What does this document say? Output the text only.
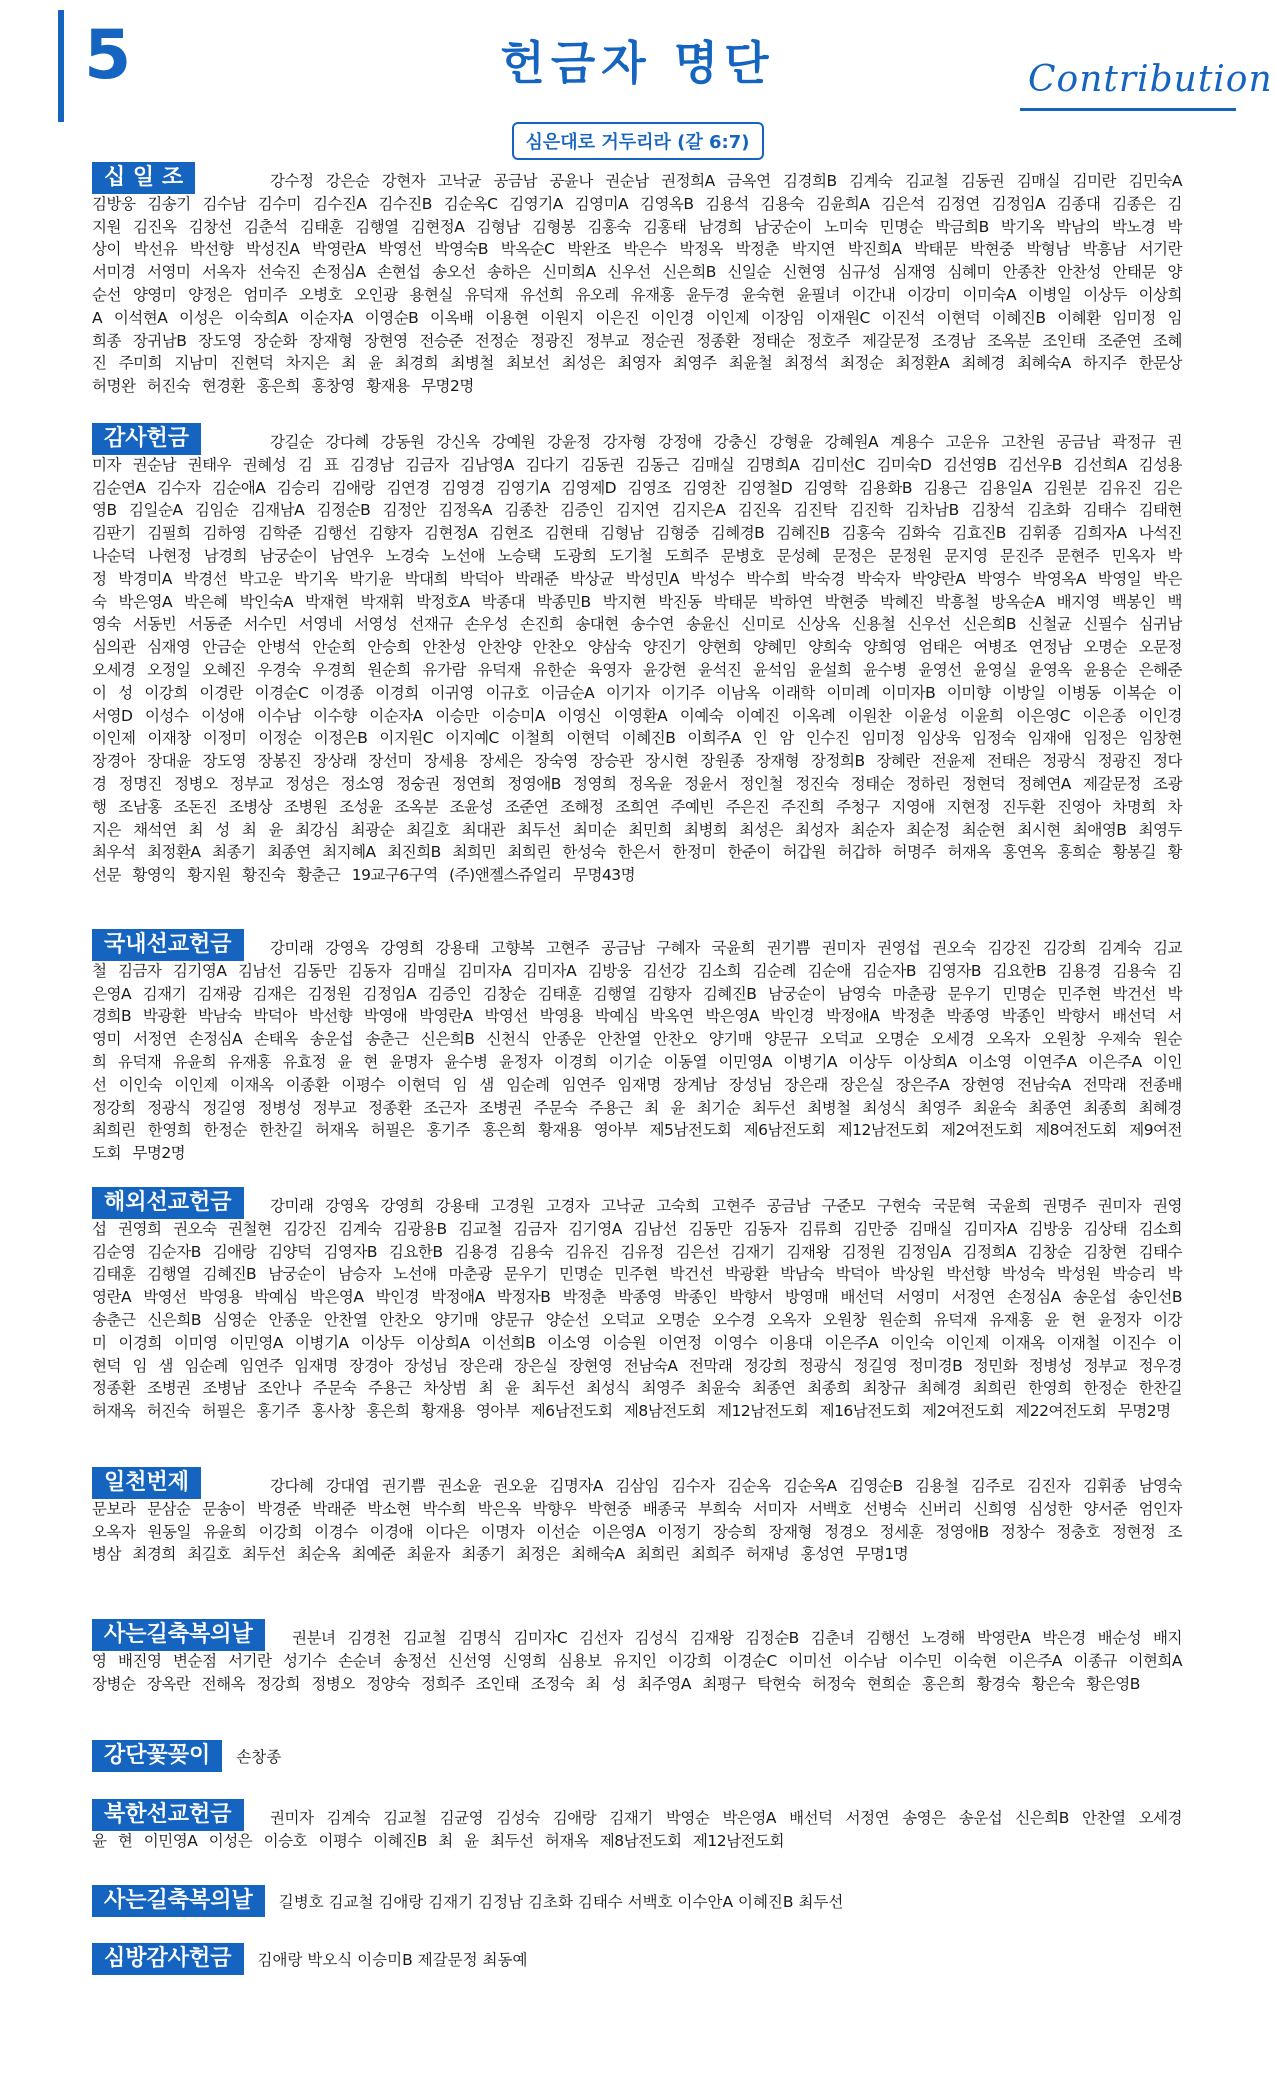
5	헌금자 명단	Contribution
심은대로 거두리라 (갈 6:7)
십 일 조	강수정 강은순 강현자 고낙균 공금남 공윤나 권순남 권정희A 금옥연 김경희B 김계숙 김교철 김동권 김매실 김미란 김민숙A 김방웅 김송기 김수남 김수미 김수진A 김수진B 김순옥C 김영기A 김영미A 김영옥B 김용석 김용숙 김윤희A 김은석 김정연 김정임A 김종대 김종은 김지원 김진옥 김창선 김춘석 김태훈 김행열 김현정A 김형남 김형봉 김홍숙 김홍태 남경희 남궁순이 노미숙 민명순 박금희B 박기옥 박남의 박노경 박상이 박선유 박선향 박성진A 박영란A 박영선 박영숙B 박옥순C 박완조 박은수 박정옥 박정춘 박지연 박진희A 박태문 박현중 박형남 박흥남 서기란 서미경 서영미 서옥자 선숙진 손정심A 손현섭 송오선 송하은 신미희A 신우선 신은희B 신일순 신현영 심규성 심재영 심혜미 안종찬 안찬성 안태문 양순선 양영미 양정은 엄미주 오병호 오인광 용현실 유덕재 유선희 유오레 유재홍 윤두경 윤숙현 윤필녀 이간내 이강미 이미숙A 이병일 이상두 이상희A 이석현A 이성은 이숙희A 이순자A 이영순B 이옥배 이용현 이원지 이은진 이인경 이인제 이장임 이재원C 이진석 이현덕 이혜진B 이혜환 임미정 임희종 장귀남B 장도영 장순화 장재형 장현영 전승준 전정순 정광진 정부교 정순권 정종환 정태순 정호주 제갈문정 조경남 조옥분 조인태 조준연 조혜진 주미희 지남미 진현덕 차지은 최 윤 최경희 최병철 최보선 최성은 최영자 최영주 최윤철 최정석 최정순 최정환A 최혜경 최혜숙A 하지주 한문상 허명완 허진숙 현경환 홍은희 홍창영 황재용 무명2명
감사헌금	강길순 강다혜 강동원 강신옥 강예원 강윤정 강자형 강정애 강충신 강형윤 강혜원A 계용수 고운유 고찬원 공금남 곽정규 권미자 권순남 권태우 권혜성 김 표 김경남 김금자 김남영A 김다기 김동권 김동근 김매실 김명희A 김미선C 김미숙D 김선영B 김선우B 김선희A 김성용 김순연A 김수자 김순애A 김승리 김애랑 김연경 김영경 김영기A 김영제D 김영조 김영찬 김영철D 김영학 김용화B 김용근 김용일A 김원분 김유진 김은영B 김일순A 김임순 김재남A 김정순B 김정안 김정옥A 김종찬 김증인 김지연 김지은A 김진옥 김진탁 김진학 김차남B 김창석 김초화 김태수 김태현 김판기 김필희 김하영 김학준 김행선 김향자 김현정A 김현조 김현태 김형남 김형중 김혜경B 김혜진B 김홍숙 김화숙 김효진B 김휘종 김희자A 나석진 나순덕 나현정 남경희 남궁순이 남연우 노경숙 노선애 노승택 도광희 도기철 도희주 문병호 문성혜 문정은 문정원 문지영 문진주 문현주 민옥자 박 정 박경미A 박경선 박고운 박기옥 박기윤 박대희 박덕아 박래준 박상균 박성민A 박성수 박수희 박숙경 박숙자 박양란A 박영수 박영옥A 박영일 박은숙 박은영A 박은혜 박인숙A 박재현 박재휘 박정호A 박종대 박종민B 박지현 박진동 박태문 박하연 박현중 박혜진 박흥철 방옥순A 배지영 백봉인 백영숙 서동빈 서동준 서수민 서영네 서영성 선재규 손우성 손진희 송대현 송수연 송윤신 신미로 신상옥 신용철 신우선 신은희B 신철균 신필수 심귀남 심의관 심재영 안금순 안병석 안순희 안승희 안찬성 안찬양 안찬오 양삼숙 양진기 양현희 양혜민 양희숙 양희영 엄태은 여병조 연정남 오명순 오문정 오세경 오정일 오혜진 우경숙 우경희 원순희 유가람 유덕재 유한순 육영자 윤강현 윤석진 윤석임 윤설희 윤수병 윤영선 윤영실 윤영옥 윤용순 은해준 이 성 이강희 이경란 이경순C 이경종 이경희 이귀영 이규호 이금순A 이기자 이기주 이남옥 이래학 이미례 이미자B 이미향 이방일 이병동 이복순 이서영D 이성수 이성애 이수남 이수향 이순자A 이승만 이승미A 이영신 이영환A 이예숙 이예진 이옥례 이원찬 이윤성 이윤희 이은영C 이은종 이인경 이인제 이재창 이정미 이정순 이정은B 이지원C 이지예C 이철희 이현덕 이혜진B 이희주A 인 암 인수진 임미정 임상욱 임정숙 임재애 임정은 임창현 장경아 장대윤 장도영 장봉진 장상래 장선미 장세용 장세은 장숙영 장승관 장시현 장원종 장재형 장정희B 장혜란 전윤제 전태은 정광식 정광진 정다경 정명진 정병오 정부교 정성은 정소영 정숭권 정연희 정영애B 정영희 정옥윤 정윤서 정인철 정진숙 정태순 정하린 정현덕 정혜연A 제갈문정 조광행 조남홍 조돈진 조병상 조병원 조성윤 조옥분 조윤성 조준연 조해정 조희연 주예빈 주은진 주진희 주청구 지영애 지현정 진두환 진영아 차명희 차지은 채석연 최 성 최 윤 최강심 최광순 최길호 최대관 최두선 최미순 최민희 최병희 최성은 최성자 최순자 최순정 최순현 최시현 최애영B 최영두 최우석 최정환A 최종기 최종연 최지혜A 최진희B 최희민 최희린 한성숙 한은서 한정미 한준이 허갑원 허갑하 허명주 허재옥 홍연옥 홍희순 황봉길 황선문 황영익 황지원 황진숙 황춘근 19교구6구역 (주)앤젤스쥬얼리 무명43명
국내선교헌금	강미래 강영옥 강영희 강용태 고향복 고현주 공금남 구혜자 국윤희 권기쁨 권미자 권영섭 권오숙 김강진 김강희 김계숙 김교철 김금자 김기영A 김남선 김동만 김동자 김매실 김미자A 김미자A 김방웅 김선강 김소희 김순례 김순애 김순자B 김영자B 김요한B 김용경 김용숙 김은영A 김재기 김재광 김재은 김정원 김정임A 김증인 김창순 김태훈 김행열 김향자 김혜진B 남궁순이 남영숙 마춘광 문우기 민명순 민주현 박건선 박경희B 박광환 박남숙 박덕아 박선향 박영애 박영란A 박영선 박영용 박예심 박옥연 박은영A 박인경 박정애A 박정춘 박종영 박종인 박향서 배선덕 서영미 서정연 손정심A 손태옥 송운섭 송춘근 신은희B 신천식 안종운 안찬열 안찬오 양기매 양문규 오덕교 오명순 오세경 오옥자 오원창 우제숙 원순희 유덕재 유윤희 유재홍 유효정 윤 현 윤명자 윤수병 윤정자 이경희 이기순 이동열 이민영A 이병기A 이상두 이상희A 이소영 이연주A 이은주A 이인선 이인숙 이인제 이재옥 이종환 이평수 이현덕 임 샘 임순례 임연주 임재명 장계남 장성님 장은래 장은실 장은주A 장현영 전남숙A 전막래 전종배 정강희 정광식 정길영 정병성 정부교 정종환 조근자 조병권 주문숙 주용근 최 윤 최기순 최두선 최병철 최성식 최영주 최윤숙 최종연 최종희 최혜경 최희린 한영희 한정순 한찬길 허재옥 허필은 홍기주 홍은희 황재용 영아부 제5남전도회 제6남전도회 제12남전도회 제2여전도회 제8여전도회 제9여전도회 무명2명
해외선교헌금	강미래 강영옥 강영희 강용태 고경원 고경자 고낙균 고숙희 고현주 공금남 구준모 구현숙 국문혁 국윤희 권명주 권미자 권영섭 권영희 권오숙 권철현 김강진 김계숙 김광용B 김교철 김금자 김기영A 김남선 김동만 김동자 김류희 김만중 김매실 김미자A 김방웅 김상태 김소희 김순영 김순자B 김애랑 김양덕 김영자B 김요한B 김용경 김용숙 김유진 김유정 김은선 김재기 김재왕 김정원 김정임A 김정희A 김창순 김창현 김태수 김태훈 김행열 김혜진B 남궁순이 남승자 노선애 마춘광 문우기 민명순 민주현 박건선 박광환 박남숙 박덕아 박상원 박선향 박성숙 박성원 박승리 박영란A 박영선 박영용 박예심 박은영A 박인경 박정애A 박정자B 박정춘 박종영 박종인 박향서 방영매 배선덕 서영미 서정연 손정심A 송운섭 송인선B 송춘근 신은희B 심영순 안종운 안찬열 안찬오 양기매 양문규 양순선 오덕교 오명순 오수경 오옥자 오원창 원순희 유덕재 유재홍 윤 현 윤정자 이강미 이경희 이미영 이민영A 이병기A 이상두 이상희A 이선희B 이소영 이승원 이연정 이영수 이용대 이은주A 이인숙 이인제 이재옥 이재철 이진수 이현덕 임 샘 임순례 임연주 임재명 장경아 장성님 장은래 장은실 장현영 전남숙A 전막래 정강희 정광식 정길영 정미경B 정민화 정병성 정부교 정우경 정종환 조병권 조병남 조안나 주문숙 주용근 차상범 최 윤 최두선 최성식 최영주 최윤숙 최종연 최종희 최창규 최혜경 최희린 한영희 한정순 한찬길 허재옥 허진숙 허필은 홍기주 홍사창 홍은희 황재용 영아부 제6남전도회 제8남전도회 제12남전도회 제16남전도회 제2여전도회 제22여전도회 무명2명
일천번제	강다혜 강대엽 권기쁨 권소윤 권오윤 김명자A 김삼임 김수자 김순옥 김순옥A 김영순B 김용철 김주로 김진자 김휘종 남영숙 문보라 문삼순 문송이 박경준 박래준 박소현 박수희 박은옥 박향우 박현중 배종국 부희숙 서미자 서백호 선병숙 신버리 신희영 심성한 양서준 엄인자 오옥자 원동일 유윤희 이강희 이경수 이경애 이다은 이명자 이선순 이은영A 이정기 장승희 장재형 정경오 정세훈 정영애B 정창수 정충호 정현정 조병삼 최경희 최길호 최두선 최순옥 최예준 최윤자 최종기 최정은 최해숙A 최희린 최희주 허재녕 홍성연 무명1명
사는길축복의날	권분녀 김경천 김교철 김명식 김미자C 김선자 김성식 김재왕 김정순B 김춘녀 김행선 노경해 박영란A 박은경 배순성 배지영 배진영 변순점 서기란 성기수 손순녀 송정선 신선영 신영희 심용보 유지인 이강희 이경순C 이미선 이수남 이수민 이숙현 이은주A 이종규 이현희A 장병순 장옥란 전해옥 정강희 정병오 정양숙 정희주 조인태 조정숙 최 성 최주영A 최평구 탁현숙 허정숙 현희순 홍은희 황경숙 황은숙 황은영B
강단꽃꽂이 손창종
북한선교헌금	권미자 김계숙 김교철 김균영 김성숙 김애랑 김재기 박영순 박은영A 배선덕 서정연 송영은 송운섭 신은희B 안찬열 오세경 윤 현 이민영A 이성은 이승호 이평수 이혜진B 최 윤 최두선 허재옥 제8남전도회 제12남전도회
사는길축복의날 길병호 김교철 김애랑 김재기 김정남 김초화 김태수 서백호 이수안A 이혜진B 최두선
심방감사헌금 김애랑 박오식 이승미B 제갈문정 최동예
